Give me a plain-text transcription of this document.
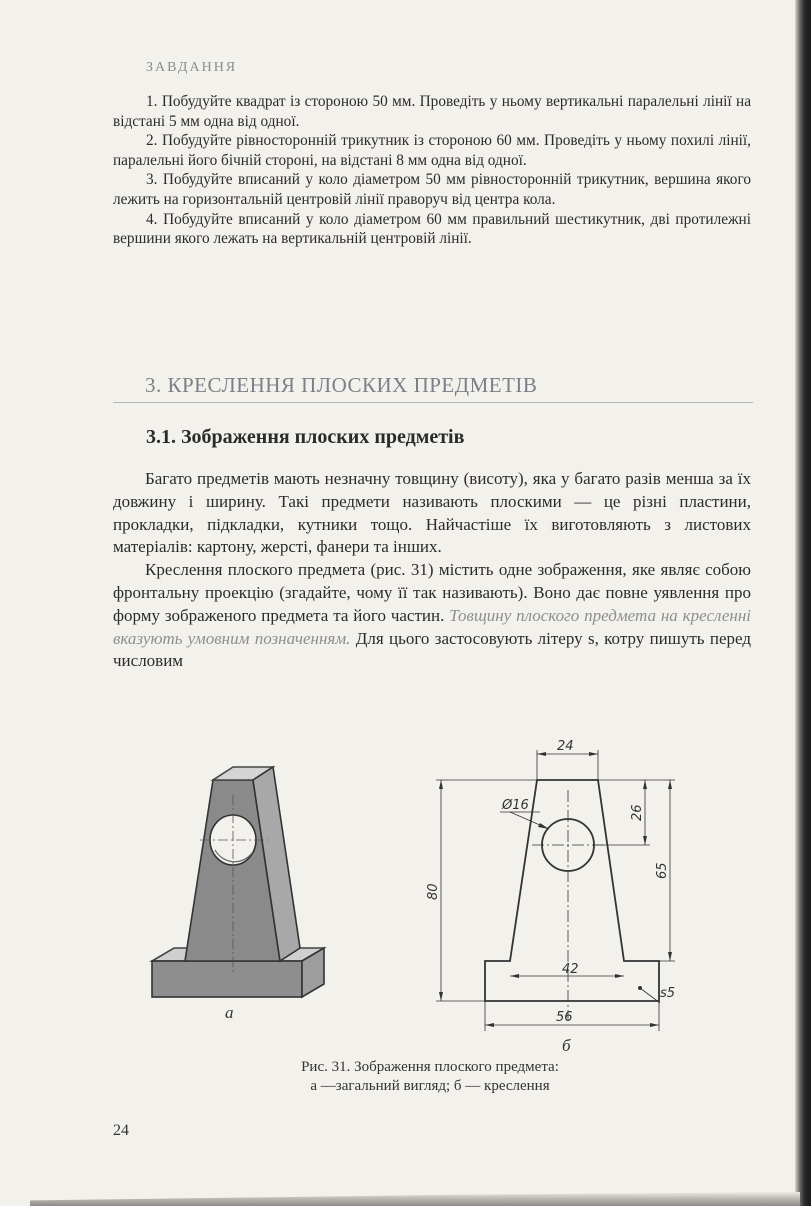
ЗАВДАННЯ

1. Побудуйте квадрат із стороною 50 мм. Проведіть у ньому вертикальні паралельні лінії на відстані 5 мм одна від одної.

2. Побудуйте рівносторонній трикутник із стороною 60 мм. Проведіть у ньому похилі лінії, паралельні його бічній стороні, на відстані 8 мм одна від одної.

3. Побудуйте вписаний у коло діаметром 50 мм рівносторонній трикутник, вершина якого лежить на горизонтальній центровій лінії праворуч від центра кола.

4. Побудуйте вписаний у коло діаметром 60 мм правильний шестикутник, дві протилежні вершини якого лежать на вертикальній центровій лінії.

3. КРЕСЛЕННЯ ПЛОСКИХ ПРЕДМЕТІВ
3.1. Зображення плоских предметів

Багато предметів мають незначну товщину (висоту), яка у багато разів менша за їх довжину і ширину. Такі предмети називають плоскими — це різні пластини, прокладки, підкладки, кутники тощо. Найчастіше їх виготовляють з листових матеріалів: картону, жерсті, фанери та інших.

Креслення плоского предмета (рис. 31) містить одне зображення, яке являє собою фронтальну проекцію (згадайте, чому її так називають). Воно дає повне уявлення про форму зображеного предмета та його частин. Товщину плоского предмета на кресленні вказують умовним позначенням. Для цього застосовують літеру s, котру пишуть перед числовим

а
24
Ø16	26
65
80
42
s5
56
б
Рис. 31. Зображення плоского предмета:
а —загальний вигляд; б — креслення
24
